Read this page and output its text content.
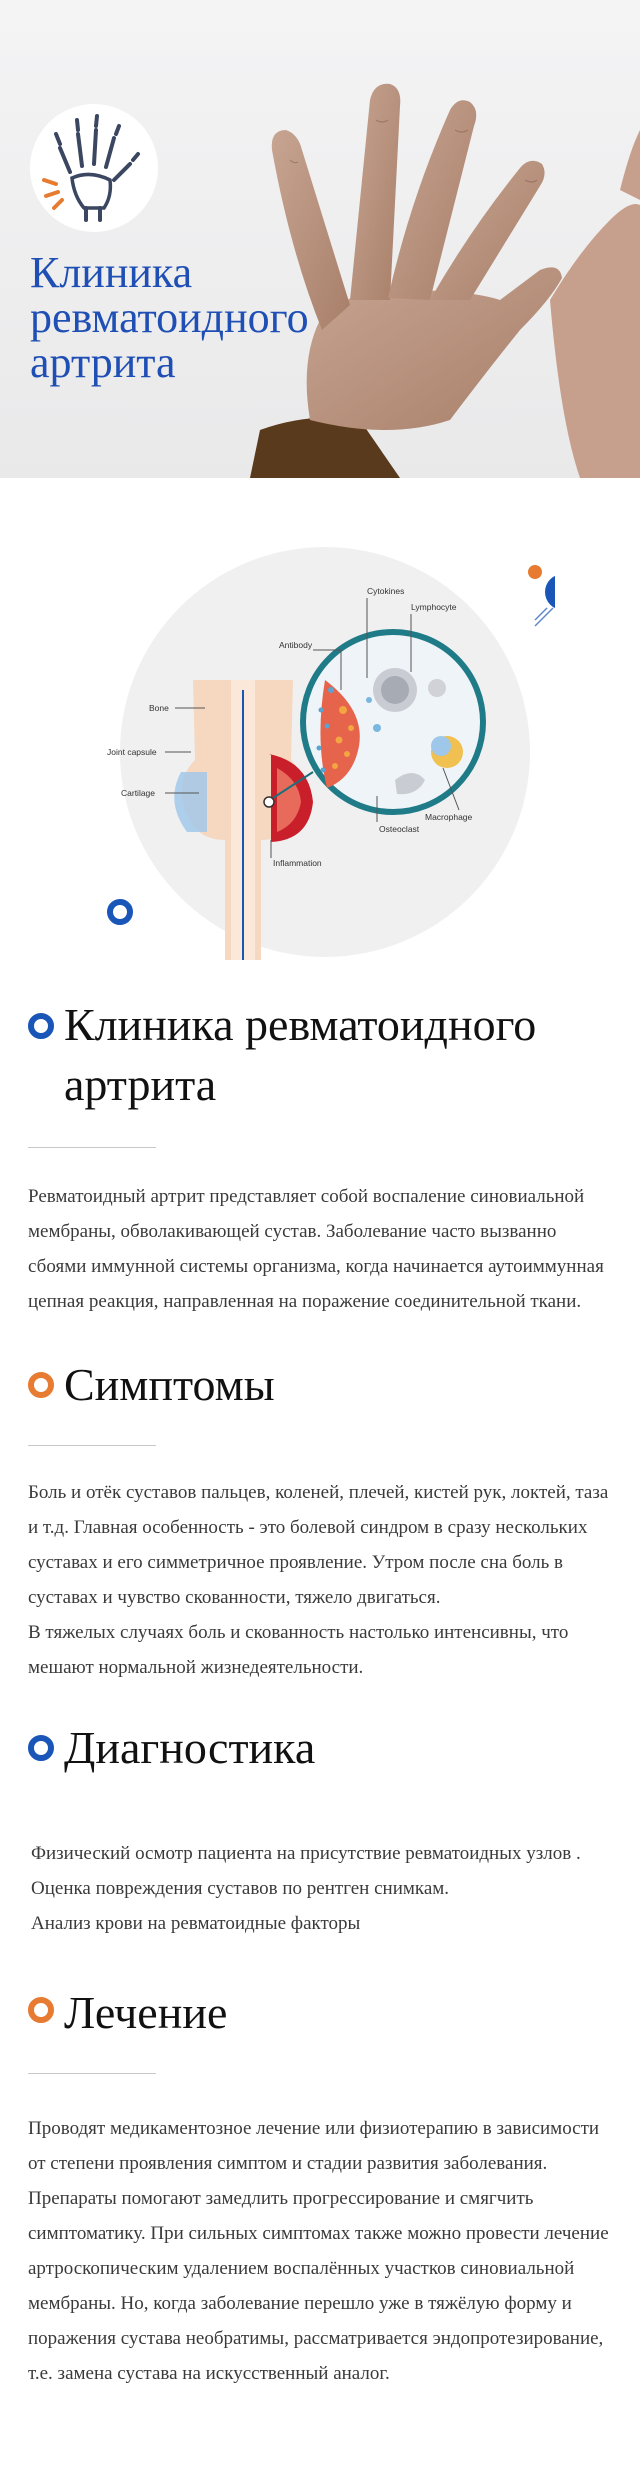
Клиника
ревматоидного
артрита
Cytokines
Lymphocyte
Antibody
Bone
Joint capsule
Cartilage
Macrophage
Osteoclast
Inflammation
Клиника ревматоидного
артрита

Ревматоидный артрит представляет собой воспаление синовиальной мембраны, обволакивающей сустав. Заболевание часто вызванно сбоями иммунной системы организма, когда начинается аутоиммунная цепная реакция, направленная на поражение соединительной ткани.

Симптомы

Боль и отёк суставов пальцев, коленей, плечей, кистей рук, локтей, таза и т.д. Главная особенность - это болевой синдром в сразу нескольких суставах и его симметричное проявление. Утром после сна боль в суставах и чувство скованности, тяжело двигаться.

В тяжелых случаях боль и скованность настолько интенсивны, что мешают нормальной жизнедеятельности.

Диагностика

Физический осмотр пациента на присутствие ревматоидных узлов .

Оценка повреждения суставов по рентген снимкам.

Анализ крови на ревматоидные факторы

Лечение

Проводят медикаментозное лечение или физиотерапию в зависимости от степени проявления симптом и стадии развития заболевания.

Препараты помогают замедлить прогрессирование и смягчить симптоматику. При сильных симптомах также можно провести лечение артроскопическим удалением воспалённых участков синовиальной мембраны. Но, когда заболевание перешло уже в тяжёлую форму и поражения сустава необратимы, рассматривается эндопротезирование, т.е. замена сустава на искусственный аналог.
